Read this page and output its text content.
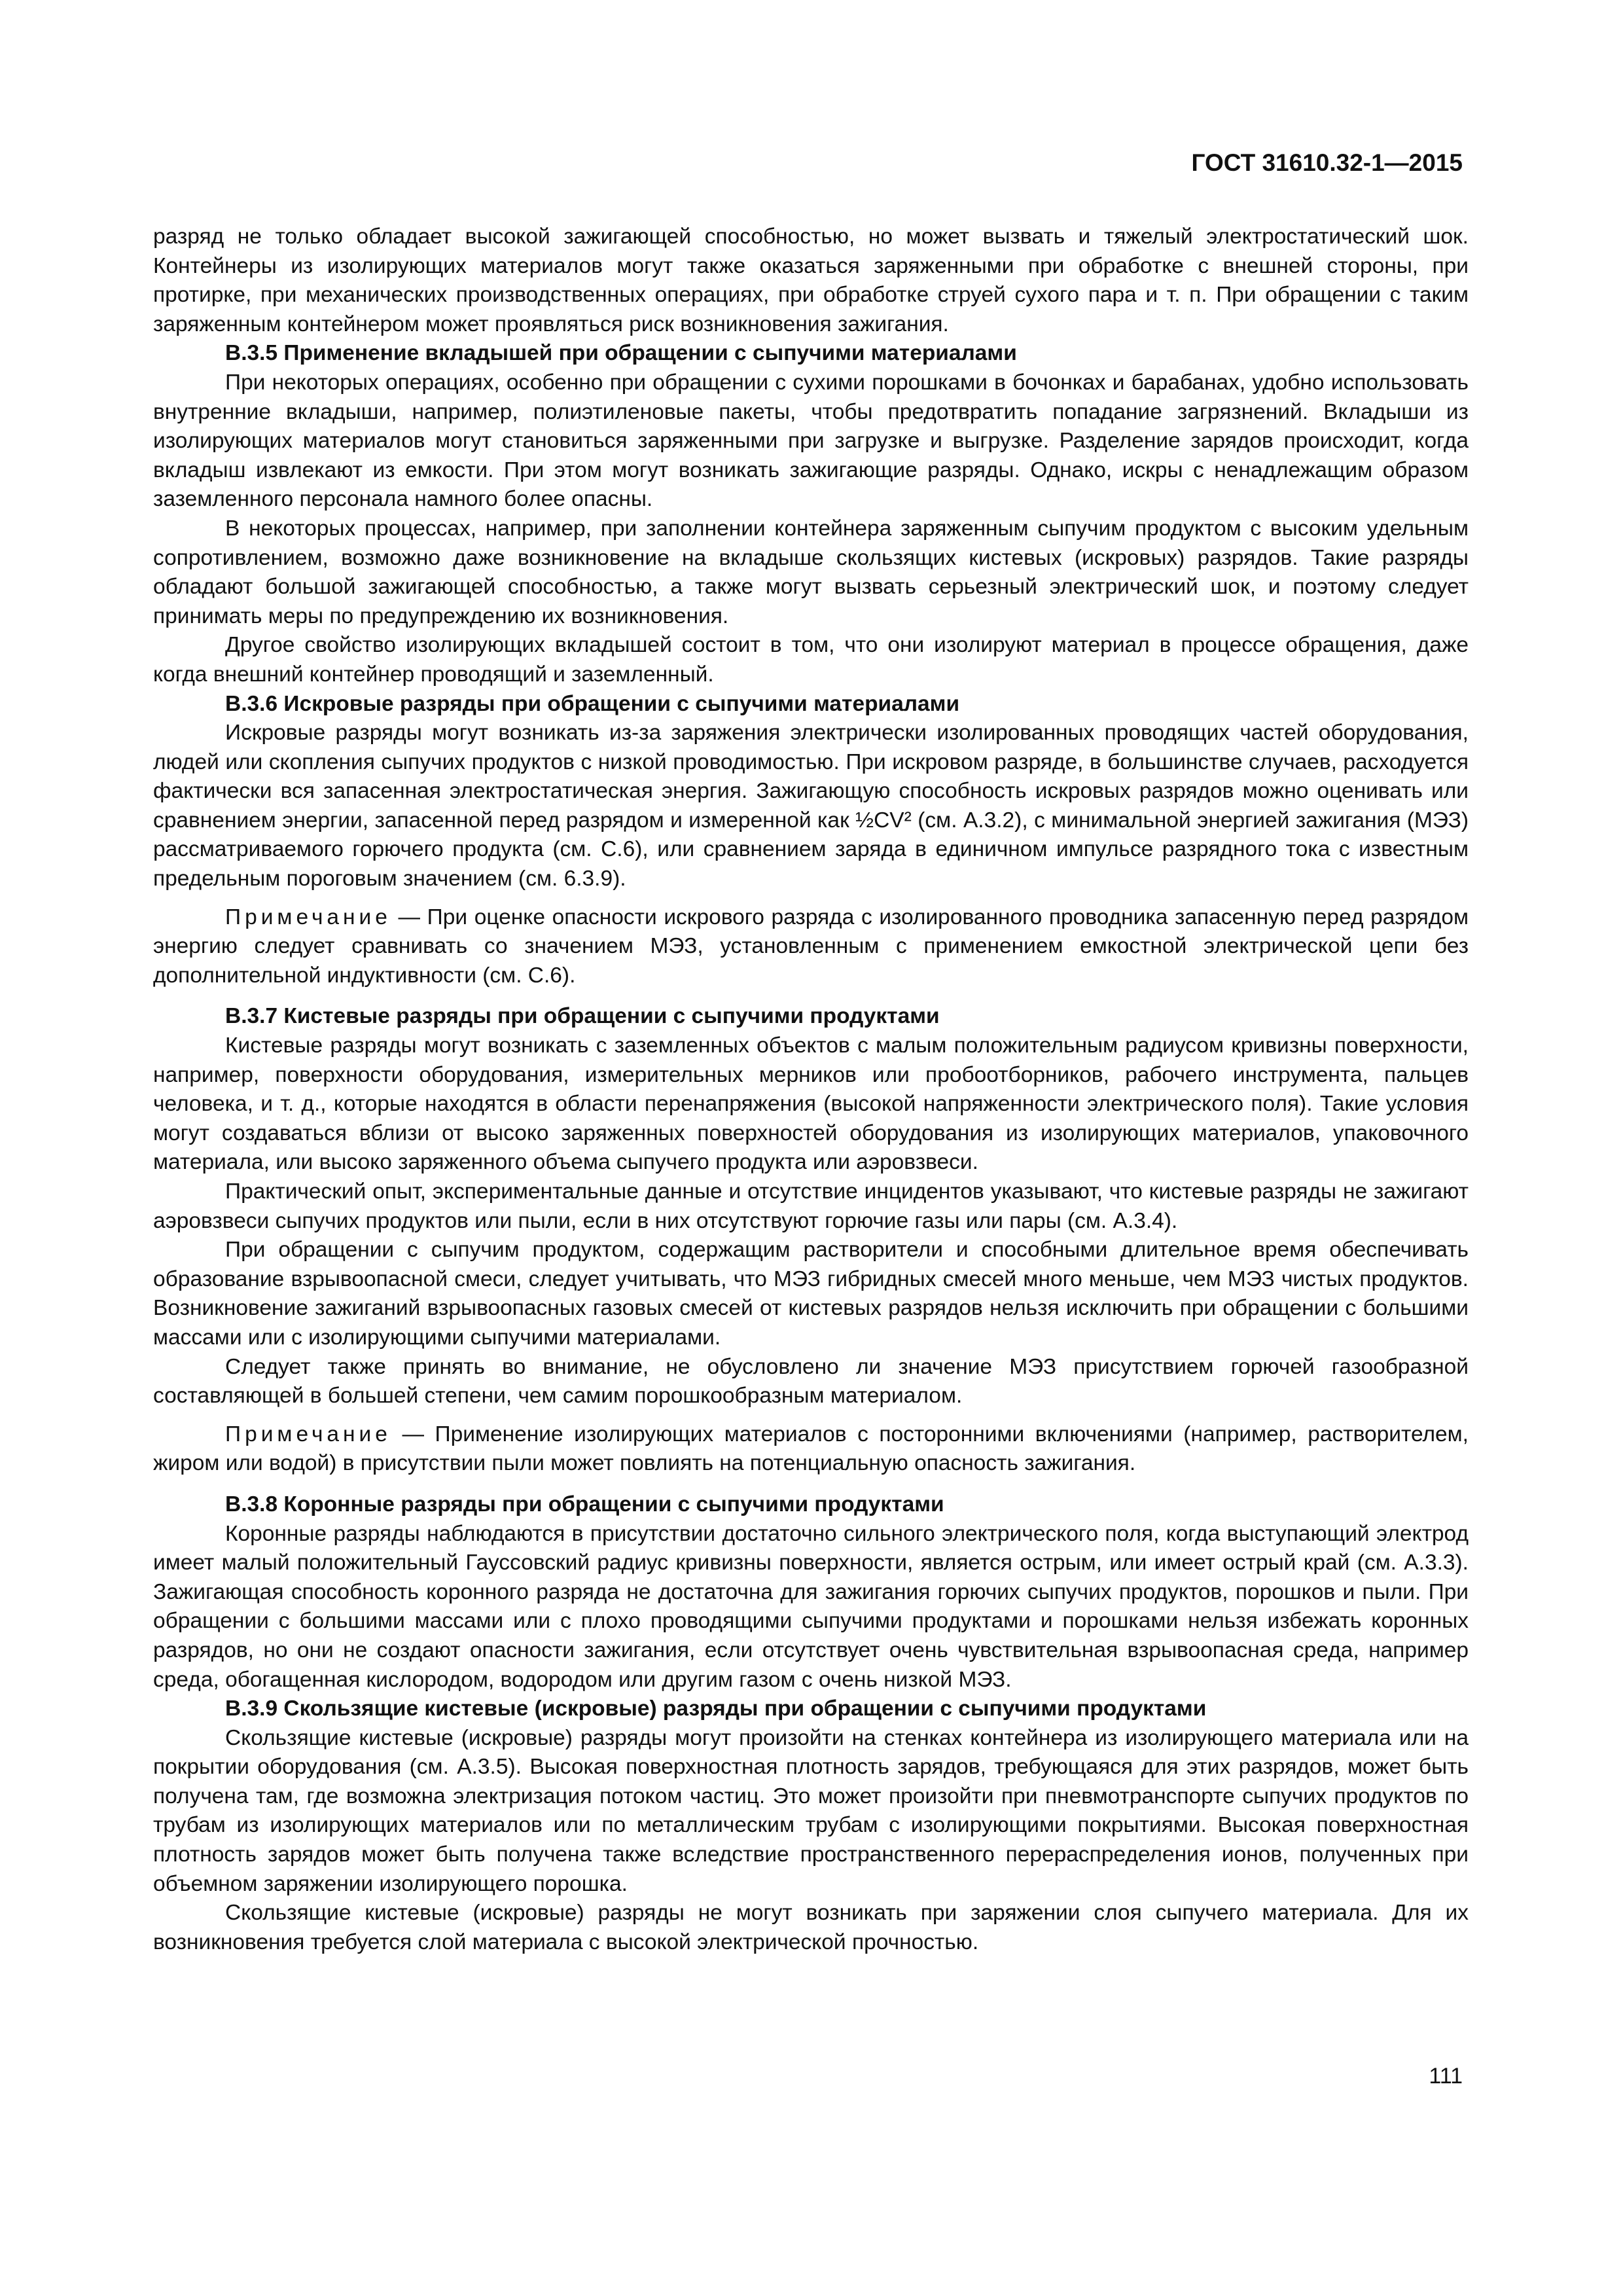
ГОСТ 31610.32-1—2015

разряд не только обладает высокой зажигающей способностью, но может вызвать и тяжелый электростатический шок. Контейнеры из изолирующих материалов могут также оказаться заряженными при обработке с внешней стороны, при протирке, при механических производственных операциях, при обработке струей сухого пара и т. п. При обращении с таким заряженным контейнером может проявляться риск возникновения зажигания.

В.3.5 Применение вкладышей при обращении с сыпучими материалами

При некоторых операциях, особенно при обращении с сухими порошками в бочонках и барабанах, удобно использовать внутренние вкладыши, например, полиэтиленовые пакеты, чтобы предотвратить попадание загрязнений. Вкладыши из изолирующих материалов могут становиться заряженными при загрузке и выгрузке. Разделение зарядов происходит, когда вкладыш извлекают из емкости. При этом могут возникать зажигающие разряды. Однако, искры с ненадлежащим образом заземленного персонала намного более опасны.

В некоторых процессах, например, при заполнении контейнера заряженным сыпучим продуктом с высоким удельным сопротивлением, возможно даже возникновение на вкладыше скользящих кистевых (искровых) разрядов. Такие разряды обладают большой зажигающей способностью, а также могут вызвать серьезный электрический шок, и поэтому следует принимать меры по предупреждению их возникновения.

Другое свойство изолирующих вкладышей состоит в том, что они изолируют материал в процессе обращения, даже когда внешний контейнер проводящий и заземленный.

В.3.6 Искровые разряды при обращении с сыпучими материалами

Искровые разряды могут возникать из-за заряжения электрически изолированных проводящих частей оборудования, людей или скопления сыпучих продуктов с низкой проводимостью. При искровом разряде, в большинстве случаев, расходуется фактически вся запасенная электростатическая энергия. Зажигающую способность искровых разрядов можно оценивать или сравнением энергии, запасенной перед разрядом и измеренной как ½CV² (см. А.3.2), с минимальной энергией зажигания (МЭЗ) рассматриваемого горючего продукта (см. С.6), или сравнением заряда в единичном импульсе разрядного тока с известным предельным пороговым значением (см. 6.3.9).

Примечание — При оценке опасности искрового разряда с изолированного проводника запасенную перед разрядом энергию следует сравнивать со значением МЭЗ, установленным с применением емкостной электрической цепи без дополнительной индуктивности (см. С.6).

В.3.7 Кистевые разряды при обращении с сыпучими продуктами

Кистевые разряды могут возникать с заземленных объектов с малым положительным радиусом кривизны поверхности, например, поверхности оборудования, измерительных мерников или пробоотборников, рабочего инструмента, пальцев человека, и т. д., которые находятся в области перенапряжения (высокой напряженности электрического поля). Такие условия могут создаваться вблизи от высоко заряженных поверхностей оборудования из изолирующих материалов, упаковочного материала, или высоко заряженного объема сыпучего продукта или аэровзвеси.

Практический опыт, экспериментальные данные и отсутствие инцидентов указывают, что кистевые разряды не зажигают аэровзвеси сыпучих продуктов или пыли, если в них отсутствуют горючие газы или пары (см. А.3.4).

При обращении с сыпучим продуктом, содержащим растворители и способными длительное время обеспечивать образование взрывоопасной смеси, следует учитывать, что МЭЗ гибридных смесей много меньше, чем МЭЗ чистых продуктов. Возникновение зажиганий взрывоопасных газовых смесей от кистевых разрядов нельзя исключить при обращении с большими массами или с изолирующими сыпучими материалами.

Следует также принять во внимание, не обусловлено ли значение МЭЗ присутствием горючей газообразной составляющей в большей степени, чем самим порошкообразным материалом.

Примечание — Применение изолирующих материалов с посторонними включениями (например, растворителем, жиром или водой) в присутствии пыли может повлиять на потенциальную опасность зажигания.

В.3.8 Коронные разряды при обращении с сыпучими продуктами

Коронные разряды наблюдаются в присутствии достаточно сильного электрического поля, когда выступающий электрод имеет малый положительный Гауссовский радиус кривизны поверхности, является острым, или имеет острый край (см. А.3.3). Зажигающая способность коронного разряда не достаточна для зажигания горючих сыпучих продуктов, порошков и пыли. При обращении с большими массами или с плохо проводящими сыпучими продуктами и порошками нельзя избежать коронных разрядов, но они не создают опасности зажигания, если отсутствует очень чувствительная взрывоопасная среда, например среда, обогащенная кислородом, водородом или другим газом с очень низкой МЭЗ.

В.3.9 Скользящие кистевые (искровые) разряды при обращении с сыпучими продуктами

Скользящие кистевые (искровые) разряды могут произойти на стенках контейнера из изолирующего материала или на покрытии оборудования (см. А.3.5). Высокая поверхностная плотность зарядов, требующаяся для этих разрядов, может быть получена там, где возможна электризация потоком частиц. Это может произойти при пневмотранспорте сыпучих продуктов по трубам из изолирующих материалов или по металлическим трубам с изолирующими покрытиями. Высокая поверхностная плотность зарядов может быть получена также вследствие пространственного перераспределения ионов, полученных при объемном заряжении изолирующего порошка.

Скользящие кистевые (искровые) разряды не могут возникать при заряжении слоя сыпучего материала. Для их возникновения требуется слой материала с высокой электрической прочностью.

111
